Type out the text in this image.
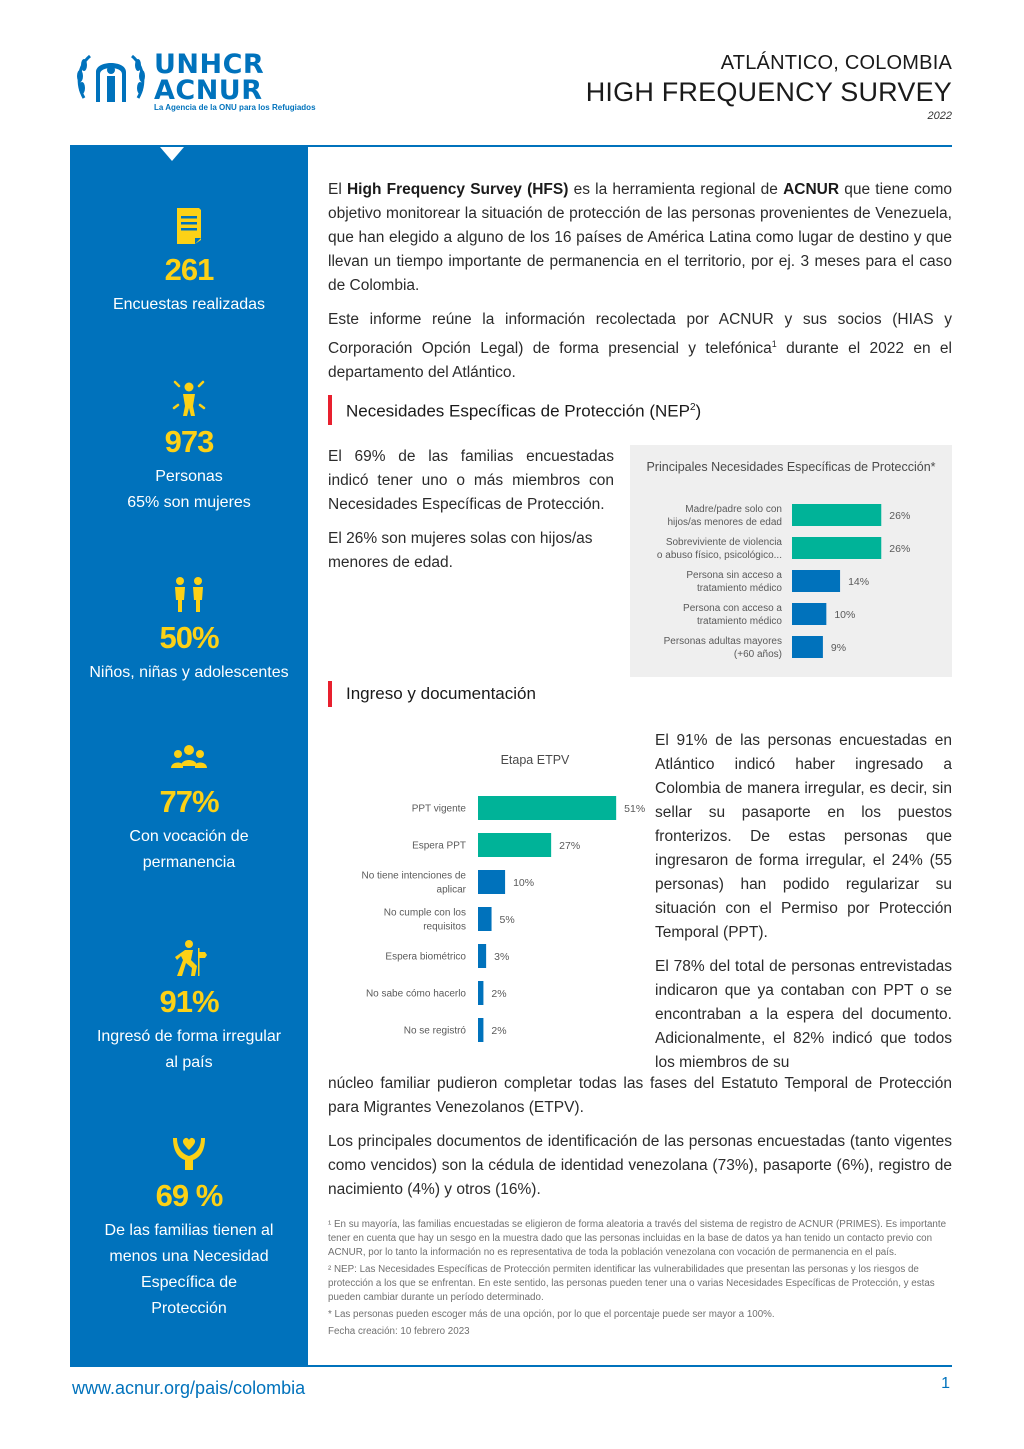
UNHCR
ACNUR
La Agencia de la ONU para los Refugiados
ATLÁNTICO, COLOMBIA
HIGH FREQUENCY SURVEY
2022
261
Encuestas realizadas
973
Personas
65% son mujeres
50%
Niños, niñas y adolescentes
77%
Con vocación de
permanencia
91%
Ingresó de forma irregular
al país
69 %
De las familias tienen al
menos una Necesidad
Específica de
Protección

El High Frequency Survey (HFS) es la herramienta regional de ACNUR que tiene como objetivo monitorear la situación de protección de las personas provenientes de Venezuela, que han elegido a alguno de los 16 países de América Latina como lugar de destino y que llevan un tiempo importante de permanencia en el territorio, por ej. 3 meses para el caso de Colombia.

Este informe reúne la información recolectada por ACNUR y sus socios (HIAS y Corporación Opción Legal) de forma presencial y telefónica$^1$ durante el 2022 en el departamento del Atlántico.

Necesidades Específicas de Protección (NEP$^2$)

El 69% de las familias encuestadas indicó tener uno o más miembros con Necesidades Específicas de Protección.

El 26% son mujeres solas con hijos/as menores de edad.

Principales Necesidades Específicas de Protección*
Madre/padre solo con
hijos/as menores de edad
26%
Sobreviviente de violencia
o abuso físico, psicológico...
26%
Persona sin acceso a
tratamiento médico
14%
Persona con acceso a
tratamiento médico
10%
Personas adultas mayores
(+60 años)
9%
Ingreso y documentación
Etapa ETPV
PPT vigente	51%
Espera PPT	27%
No tiene intenciones de
aplicar
10%
No cumple con los
requisitos
5%
Espera biométrico	3%
No sabe cómo hacerlo 2%
No se registró 2%

El 91% de las personas encuestadas en Atlántico indicó haber ingresado a Colombia de manera irregular, es decir, sin sellar su pasaporte en los puestos fronterizos. De estas personas que ingresaron de forma irregular, el 24% (55 personas) han podido regularizar su situación con el Permiso por Protección Temporal (PPT).

El 78% del total de personas entrevistadas indicaron que ya contaban con PPT o se encontraban a la espera del documento. Adicionalmente, el 82% indicó que todos los miembros de su

núcleo familiar pudieron completar todas las fases del Estatuto Temporal de Protección para Migrantes Venezolanos (ETPV).

Los principales documentos de identificación de las personas encuestadas (tanto vigentes como vencidos) son la cédula de identidad venezolana (73%), pasaporte (6%), registro de nacimiento (4%) y otros (16%).

¹ En su mayoría, las familias encuestadas se eligieron de forma aleatoria a través del sistema de registro de ACNUR (PRIMES). Es importante tener en cuenta que hay un sesgo en la muestra dado que las personas incluidas en la base de datos ya han tenido un contacto previo con ACNUR, por lo tanto la información no es representativa de toda la población venezolana con vocación de permanencia en el país.

² NEP: Las Necesidades Específicas de Protección permiten identificar las vulnerabilidades que presentan las personas y los riesgos de protección a los que se enfrentan. En este sentido, las personas pueden tener una o varias Necesidades Específicas de Protección, y estas pueden cambiar durante un período determinado.

* Las personas pueden escoger más de una opción, por lo que el porcentaje puede ser mayor a 100%.

Fecha creación: 10 febrero 2023

www.acnur.org/pais/colombia	1
